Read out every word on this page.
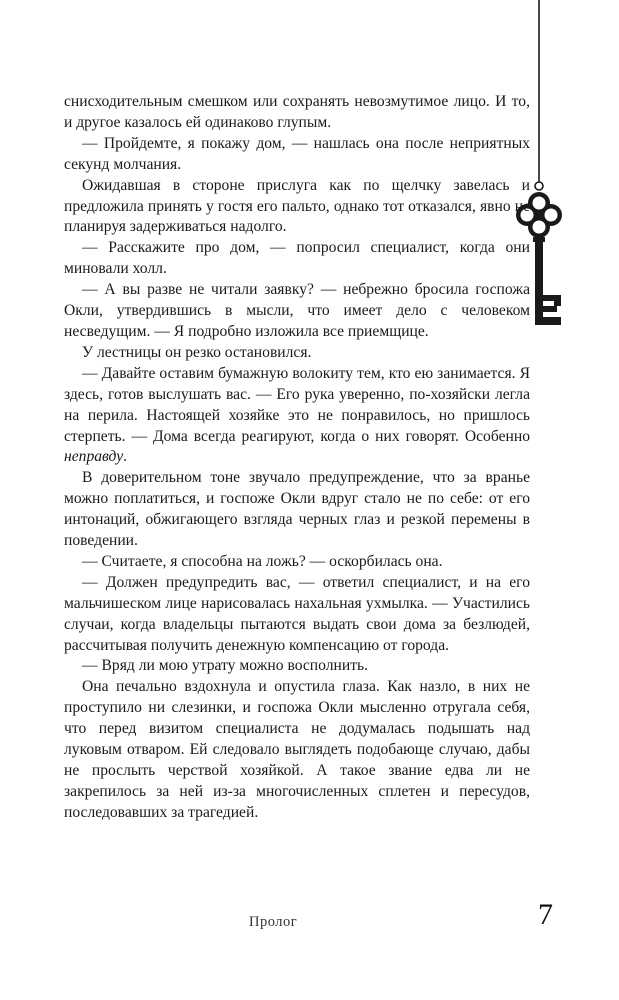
снисходительным смешком или сохранять невозмутимое лицо. И то, и другое казалось ей одинаково глупым.

— Пройдемте, я покажу дом, — нашлась она после неприятных секунд молчания.

Ожидавшая в стороне прислуга как по щелчку завелась и предложила принять у гостя его пальто, однако тот отказался, явно не планируя задерживаться надолго.

— Расскажите про дом, — попросил специалист, когда они миновали холл.

— А вы разве не читали заявку? — небрежно бросила госпожа Окли, утвердившись в мысли, что имеет дело с человеком несведущим. — Я подробно изложила все приемщице.

У лестницы он резко остановился.

— Давайте оставим бумажную волокиту тем, кто ею занимается. Я здесь, готов выслушать вас. — Его рука уверенно, по-хозяйски легла на перила. Настоящей хозяйке это не понравилось, но пришлось стерпеть. — Дома всегда реагируют, когда о них говорят. Особенно неправду.

В доверительном тоне звучало предупреждение, что за вранье можно поплатиться, и госпоже Окли вдруг стало не по себе: от его интонаций, обжигающего взгляда черных глаз и резкой перемены в поведении.

— Считаете, я способна на ложь? — оскорбилась она.

— Должен предупредить вас, — ответил специалист, и на его мальчишеском лице нарисовалась нахальная ухмылка. — Участились случаи, когда владельцы пытаются выдать свои дома за безлюдей, рассчитывая получить денежную компенсацию от города.

— Вряд ли мою утрату можно восполнить.

Она печально вздохнула и опустила глаза. Как назло, в них не проступило ни слезинки, и госпожа Окли мысленно отругала себя, что перед визитом специалиста не додумалась подышать над луковым отваром. Ей следовало выглядеть подобающе случаю, дабы не прослыть черствой хозяйкой. А такое звание едва ли не закрепилось за ней из-за многочисленных сплетен и пересудов, последовавших за трагедией.

Пролог	7
